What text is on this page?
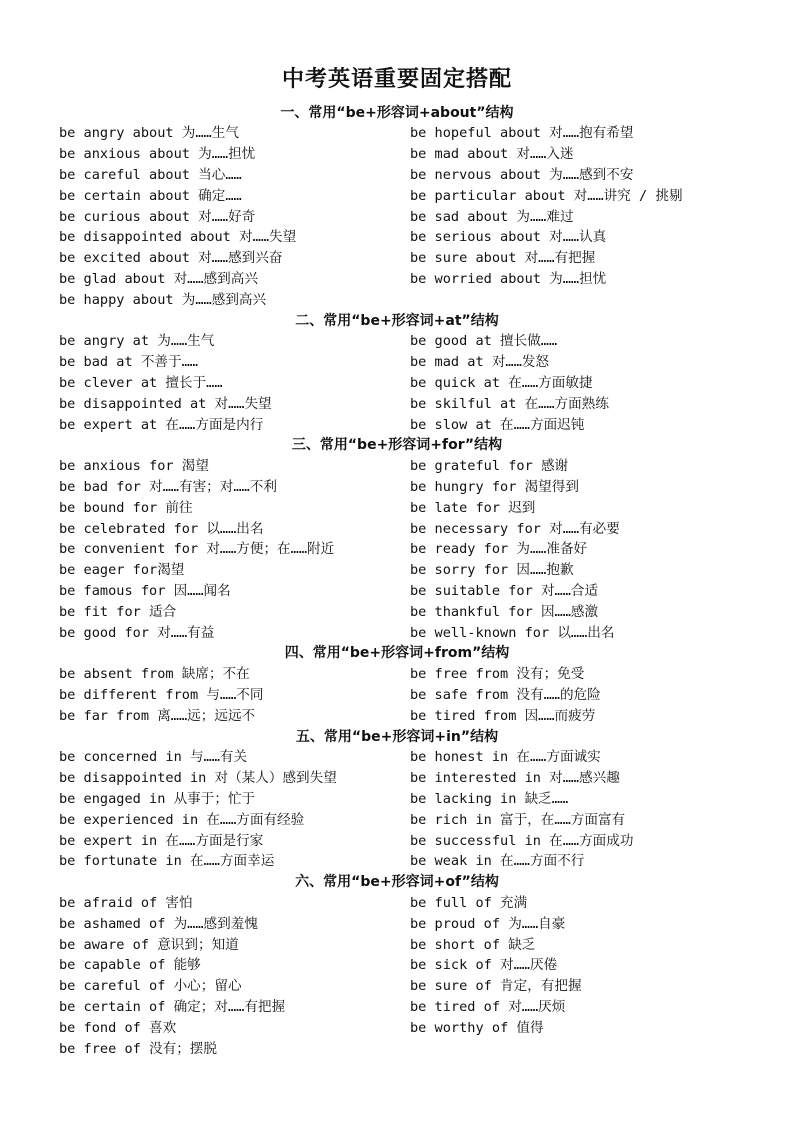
中考英语重要固定搭配
一、常用“be+形容词+about”结构
be angry about 为……生气
be anxious about 为……担忧
be careful about 当心……
be certain about 确定……
be curious about 对……好奇
be disappointed about 对……失望
be excited about 对……感到兴奋
be glad about 对……感到高兴
be happy about 为……感到高兴
be hopeful about 对……抱有希望
be mad about 对……入迷
be nervous about 为……感到不安
be particular about 对……讲究 / 挑剔
be sad about 为……难过
be serious about 对……认真
be sure about 对……有把握
be worried about 为……担忧
二、常用“be+形容词+at”结构
be angry at 为……生气
be bad at 不善于……
be clever at 擅长于……
be disappointed at 对……失望
be expert at 在……方面是内行
be good at 擅长做……
be mad at 对……发怒
be quick at 在……方面敏捷
be skilful at 在……方面熟练
be slow at 在……方面迟钝
三、常用“be+形容词+for”结构
be anxious for 渴望
be bad for 对……有害；对……不利
be bound for 前往
be celebrated for 以……出名
be convenient for 对……方便；在……附近
be eager for渴望
be famous for 因……闻名
be fit for 适合
be good for 对……有益
be grateful for 感谢
be hungry for 渴望得到
be late for 迟到
be necessary for 对……有必要
be ready for 为……准备好
be sorry for 因……抱歉
be suitable for 对……合适
be thankful for 因……感激
be well-known for 以……出名
四、常用“be+形容词+from”结构
be absent from 缺席；不在
be different from 与……不同
be far from 离……远；远远不
be free from 没有；免受
be safe from 没有……的危险
be tired from 因……而疲劳
五、常用“be+形容词+in”结构
be concerned in 与……有关
be disappointed in 对（某人）感到失望
be engaged in 从事于；忙于
be experienced in 在……方面有经验
be expert in 在……方面是行家
be fortunate in 在……方面幸运
be honest in 在……方面诚实
be interested in 对……感兴趣
be lacking in 缺乏……
be rich in 富于，在……方面富有
be successful in 在……方面成功
be weak in 在……方面不行
六、常用“be+形容词+of”结构
be afraid of 害怕
be ashamed of 为……感到羞愧
be aware of 意识到；知道
be capable of 能够
be careful of 小心；留心
be certain of 确定；对……有把握
be fond of 喜欢
be free of 没有；摆脱
be full of 充满
be proud of 为……自豪
be short of 缺乏
be sick of 对……厌倦
be sure of 肯定，有把握
be tired of 对……厌烦
be worthy of 值得
